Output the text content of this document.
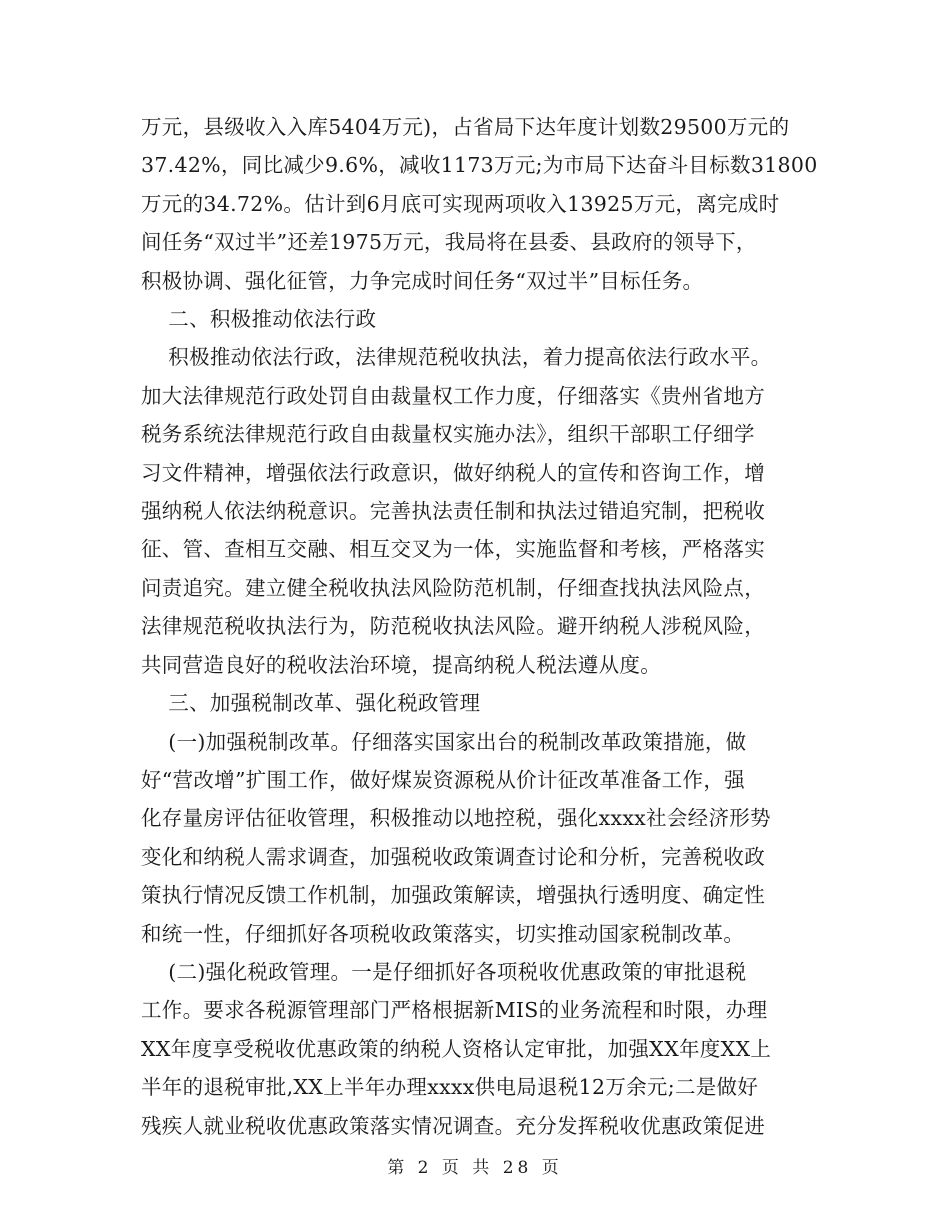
万元，县级收入入库5404万元)，占省局下达年度计划数29500万元的
37.42%，同比减少9.6%，减收1173万元;为市局下达奋斗目标数31800
万元的34.72%。估计到6月底可实现两项收入13925万元，离完成时
间任务“双过半”还差1975万元，我局将在县委、县政府的领导下，
积极协调、强化征管，力争完成时间任务“双过半”目标任务。

二、积极推动依法行政

积极推动依法行政，法律规范税收执法，着力提高依法行政水平。
加大法律规范行政处罚自由裁量权工作力度，仔细落实《贵州省地方
税务系统法律规范行政自由裁量权实施办法》，组织干部职工仔细学
习文件精神，增强依法行政意识，做好纳税人的宣传和咨询工作，增
强纳税人依法纳税意识。完善执法责任制和执法过错追究制，把税收
征、管、查相互交融、相互交叉为一体，实施监督和考核，严格落实
问责追究。建立健全税收执法风险防范机制，仔细查找执法风险点，
法律规范税收执法行为，防范税收执法风险。避开纳税人涉税风险，
共同营造良好的税收法治环境，提高纳税人税法遵从度。

三、加强税制改革、强化税政管理

(一)加强税制改革。仔细落实国家出台的税制改革政策措施，做
好“营改增”扩围工作，做好煤炭资源税从价计征改革准备工作，强
化存量房评估征收管理，积极推动以地控税，强化xxxx社会经济形势
变化和纳税人需求调查，加强税收政策调查讨论和分析，完善税收政
策执行情况反馈工作机制，加强政策解读，增强执行透明度、确定性
和统一性，仔细抓好各项税收政策落实，切实推动国家税制改革。

(二)强化税政管理。一是仔细抓好各项税收优惠政策的审批退税
工作。要求各税源管理部门严格根据新MIS的业务流程和时限，办理
XX年度享受税收优惠政策的纳税人资格认定审批，加强XX年度XX上
半年的退税审批,XX上半年办理xxxx供电局退税12万余元;二是做好
残疾人就业税收优惠政策落实情况调查。充分发挥税收优惠政策促进

第 2 页 共 28 页
